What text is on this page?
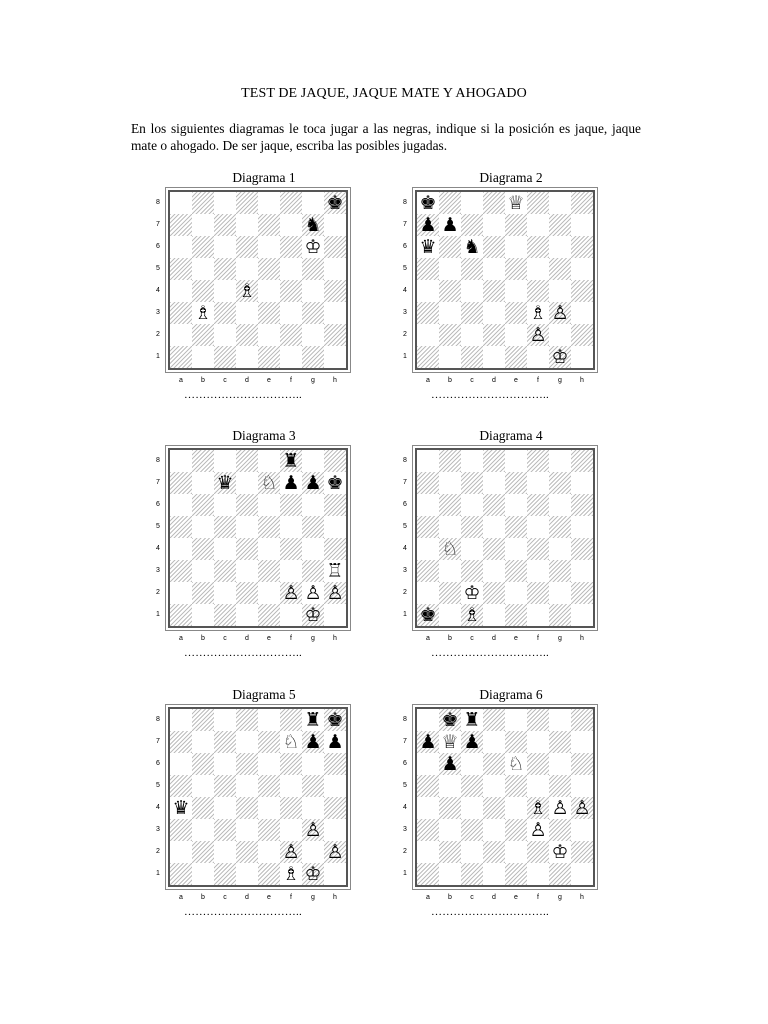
TEST DE JAQUE, JAQUE MATE Y AHOGADO
En los siguientes diagramas le toca jugar a las negras, indique si la posición es jaque, jaque mate o ahogado. De ser jaque, escriba las posibles jugadas.
Diagrama 1
♚
♞
♔
♗
♗
8
7
6
5
4
3
2
1
a	b	c	d	e	f	g	h
…………………………..
Diagrama 2
♚	♕
♟ ♟
♛ ♞
♗ ♙
♙
♔
8
7
6
5
4
3
2
1
a	b	c	d	e	f	g	h
…………………………..
Diagrama 3
♜
♛ ♘ ♟ ♟ ♚
♖
♙ ♙ ♙
♔
8
7
6
5
4
3
2
1
a	b	c	d	e	f	g	h
…………………………..
Diagrama 4
♘
♔
♚ ♗
8
7
6
5
4
3
2
1
a	b	c	d	e	f	g	h
…………………………..
Diagrama 5
♜ ♚
♘ ♟ ♟
♛
♙
♙ ♙
♗ ♔
8
7
6
5
4
3
2
1
a	b	c	d	e	f	g	h
…………………………..
Diagrama 6
♚ ♜
♟ ♕ ♟
♟	♘
♗ ♙ ♙
♙
♔
8
7
6
5
4
3
2
1
a	b	c	d	e	f	g	h
…………………………..
